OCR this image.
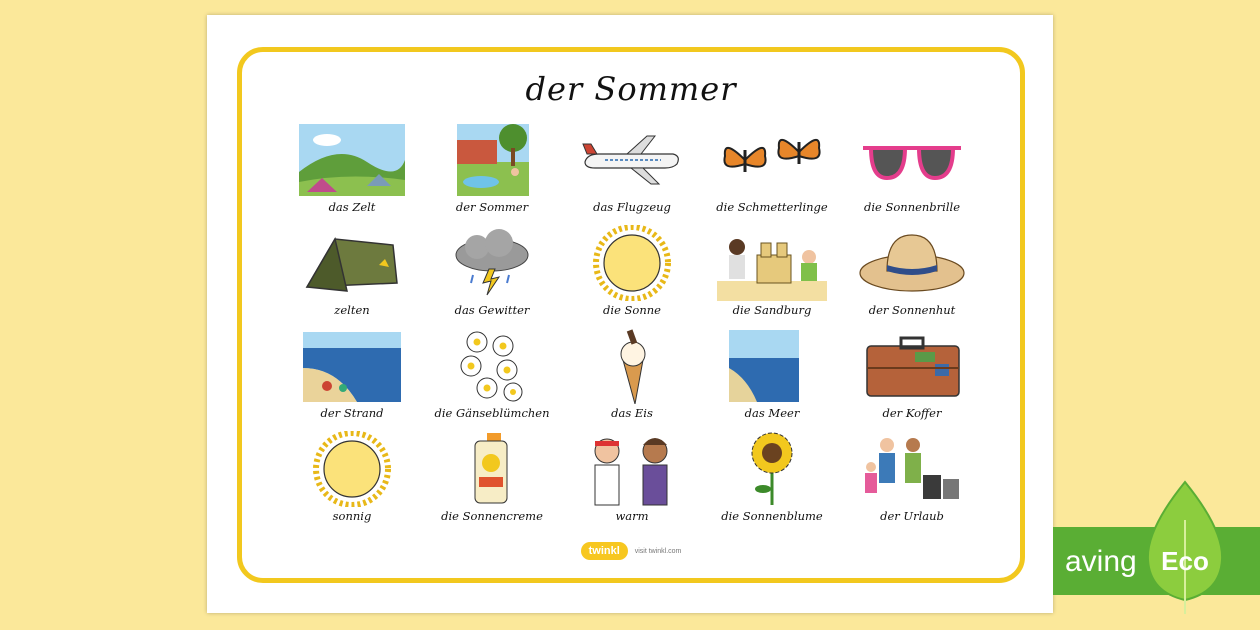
der Sommer
das Zelt	der Sommer	das Flugzeug	die Schmetterlinge	die Sonnenbrille
zelten	das Gewitter	die Sonne	die Sandburg	der Sonnenhut
der Strand	die Gänseblümchen	das Eis	das Meer	der Koffer
sonnig	die Sonnencreme	warm	die Sonnenblume	der Urlaub
twinkl visit twinkl.com	aving Eco
